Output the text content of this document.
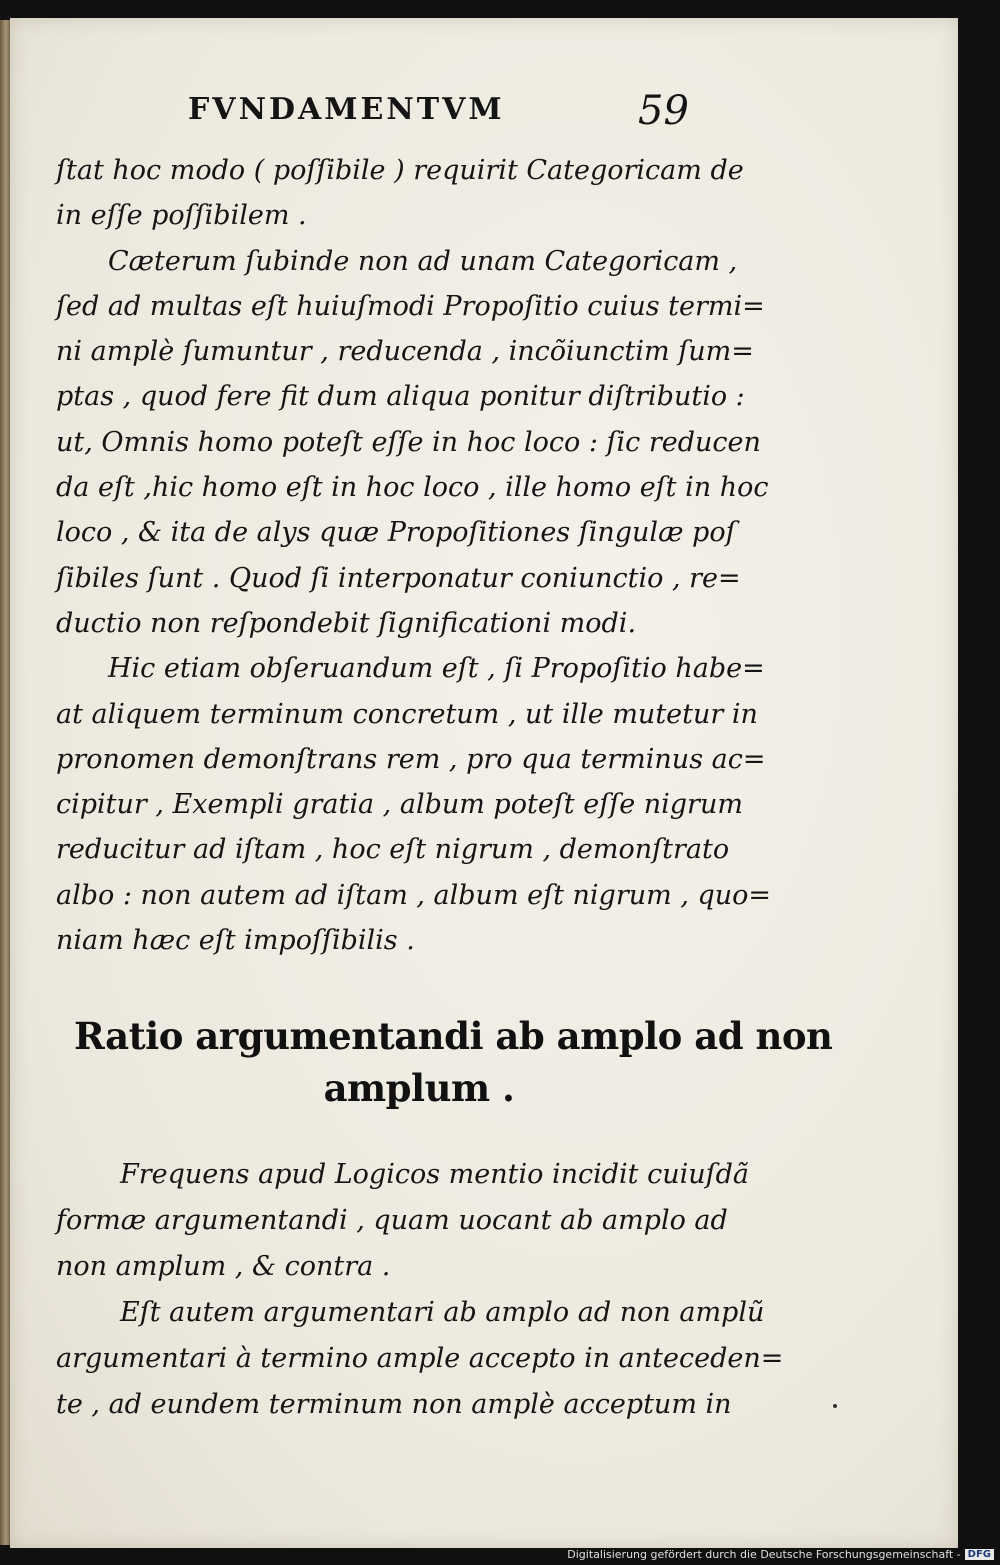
FVNDAMENTVM	59
ſtat hoc modo ( poſſibile ) requirit Categoricam de
in eſſe poſſibilem .
Cæterum ſubinde non ad unam Categoricam ,
ſed ad multas eſt huiuſmodi Propoſitio cuius termi=
ni amplè ſumuntur , reducenda , incõiunctim ſum=
ptas , quod fere fit dum aliqua ponitur diſtributio :
ut, Omnis homo poteſt eſſe in hoc loco : ſic reducen
da eſt ,hic homo eſt in hoc loco , ille homo eſt in hoc
loco , & ita de alys quæ Propoſitiones ſingulæ poſ
ſibiles ſunt . Quod ſi interponatur coniunctio , re=
ductio non reſpondebit ſignificationi modi.
Hic etiam obſeruandum eſt , ſi Propoſitio habe=
at aliquem terminum concretum , ut ille mutetur in
pronomen demonſtrans rem , pro qua terminus ac=
cipitur , Exempli gratia , album poteſt eſſe nigrum
reducitur ad iſtam , hoc eſt nigrum , demonſtrato
albo : non autem ad iſtam , album eſt nigrum , quo=
niam hæc eſt impoſſibilis .
Ratio argumentandi ab amplo ad non
amplum .
Frequens apud Logicos mentio incidit cuiuſdã
formæ argumentandi , quam uocant ab amplo ad
non amplum , & contra .
Eſt autem argumentari ab amplo ad non amplũ
argumentari à termino ample accepto in anteceden=
te , ad eundem terminum non amplè acceptum in
Digitalisierung gefördert durch die Deutsche Forschungsgemeinschaft - DFG
